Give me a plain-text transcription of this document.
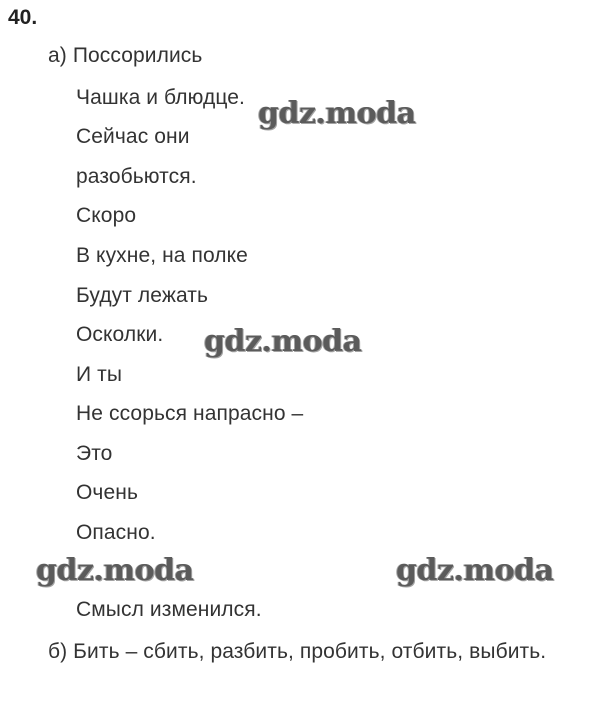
40.
а) Поссорились
Чашка и блюдце.
Сейчас они
разобьются.
Скоро
В кухне, на полке
Будут лежать
Осколки.
И ты
Не ссорься напрасно –
Это
Очень
Опасно.
Смысл изменился.
б) Бить – сбить, разбить, пробить, отбить, выбить.
gdz.moda
gdz.moda
gdz.moda	gdz.moda
